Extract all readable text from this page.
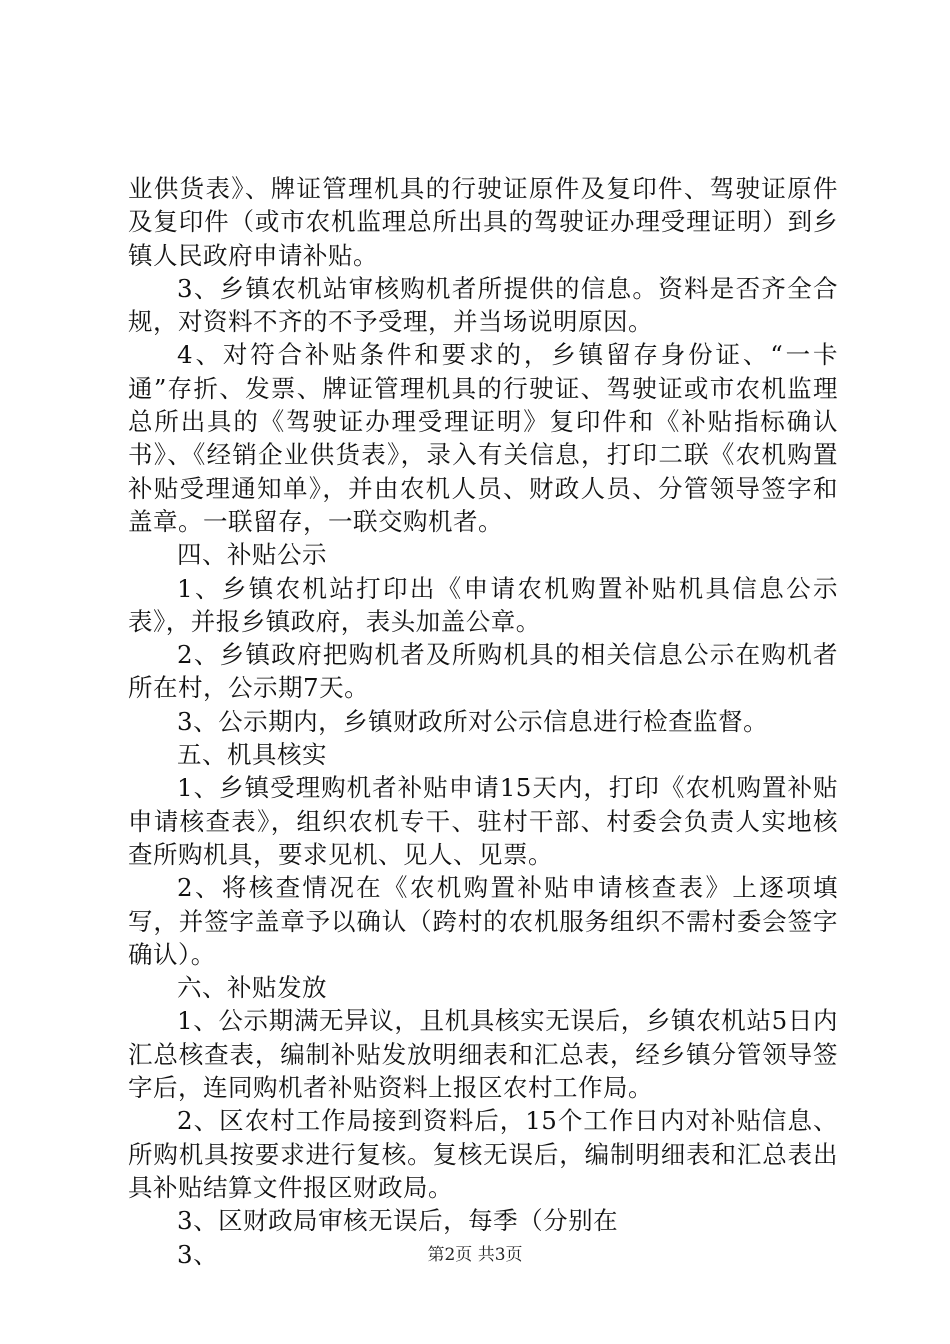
业供货表》、牌证管理机具的行驶证原件及复印件、驾驶证原件及复印件（或市农机监理总所出具的驾驶证办理受理证明）到乡镇人民政府申请补贴。

3、乡镇农机站审核购机者所提供的信息。资料是否齐全合规，对资料不齐的不予受理，并当场说明原因。

4、对符合补贴条件和要求的，乡镇留存身份证、“一卡通”存折、发票、牌证管理机具的行驶证、驾驶证或市农机监理总所出具的《驾驶证办理受理证明》复印件和《补贴指标确认书》、《经销企业供货表》，录入有关信息，打印二联《农机购置补贴受理通知单》，并由农机人员、财政人员、分管领导签字和盖章。一联留存，一联交购机者。

四、补贴公示

1、乡镇农机站打印出《申请农机购置补贴机具信息公示表》，并报乡镇政府，表头加盖公章。

2、乡镇政府把购机者及所购机具的相关信息公示在购机者所在村，公示期7天。

3、公示期内，乡镇财政所对公示信息进行检查监督。

五、机具核实

1、乡镇受理购机者补贴申请15天内，打印《农机购置补贴申请核查表》，组织农机专干、驻村干部、村委会负责人实地核查所购机具，要求见机、见人、见票。

2、将核查情况在《农机购置补贴申请核查表》上逐项填写，并签字盖章予以确认（跨村的农机服务组织不需村委会签字确认）。

六、补贴发放

1、公示期满无异议，且机具核实无误后，乡镇农机站5日内汇总核查表，编制补贴发放明细表和汇总表，经乡镇分管领导签字后，连同购机者补贴资料上报区农村工作局。

2、区农村工作局接到资料后，15个工作日内对补贴信息、所购机具按要求进行复核。复核无误后，编制明细表和汇总表出具补贴结算文件报区财政局。

3、区财政局审核无误后，每季（分别在

3、	第2页 共3页
